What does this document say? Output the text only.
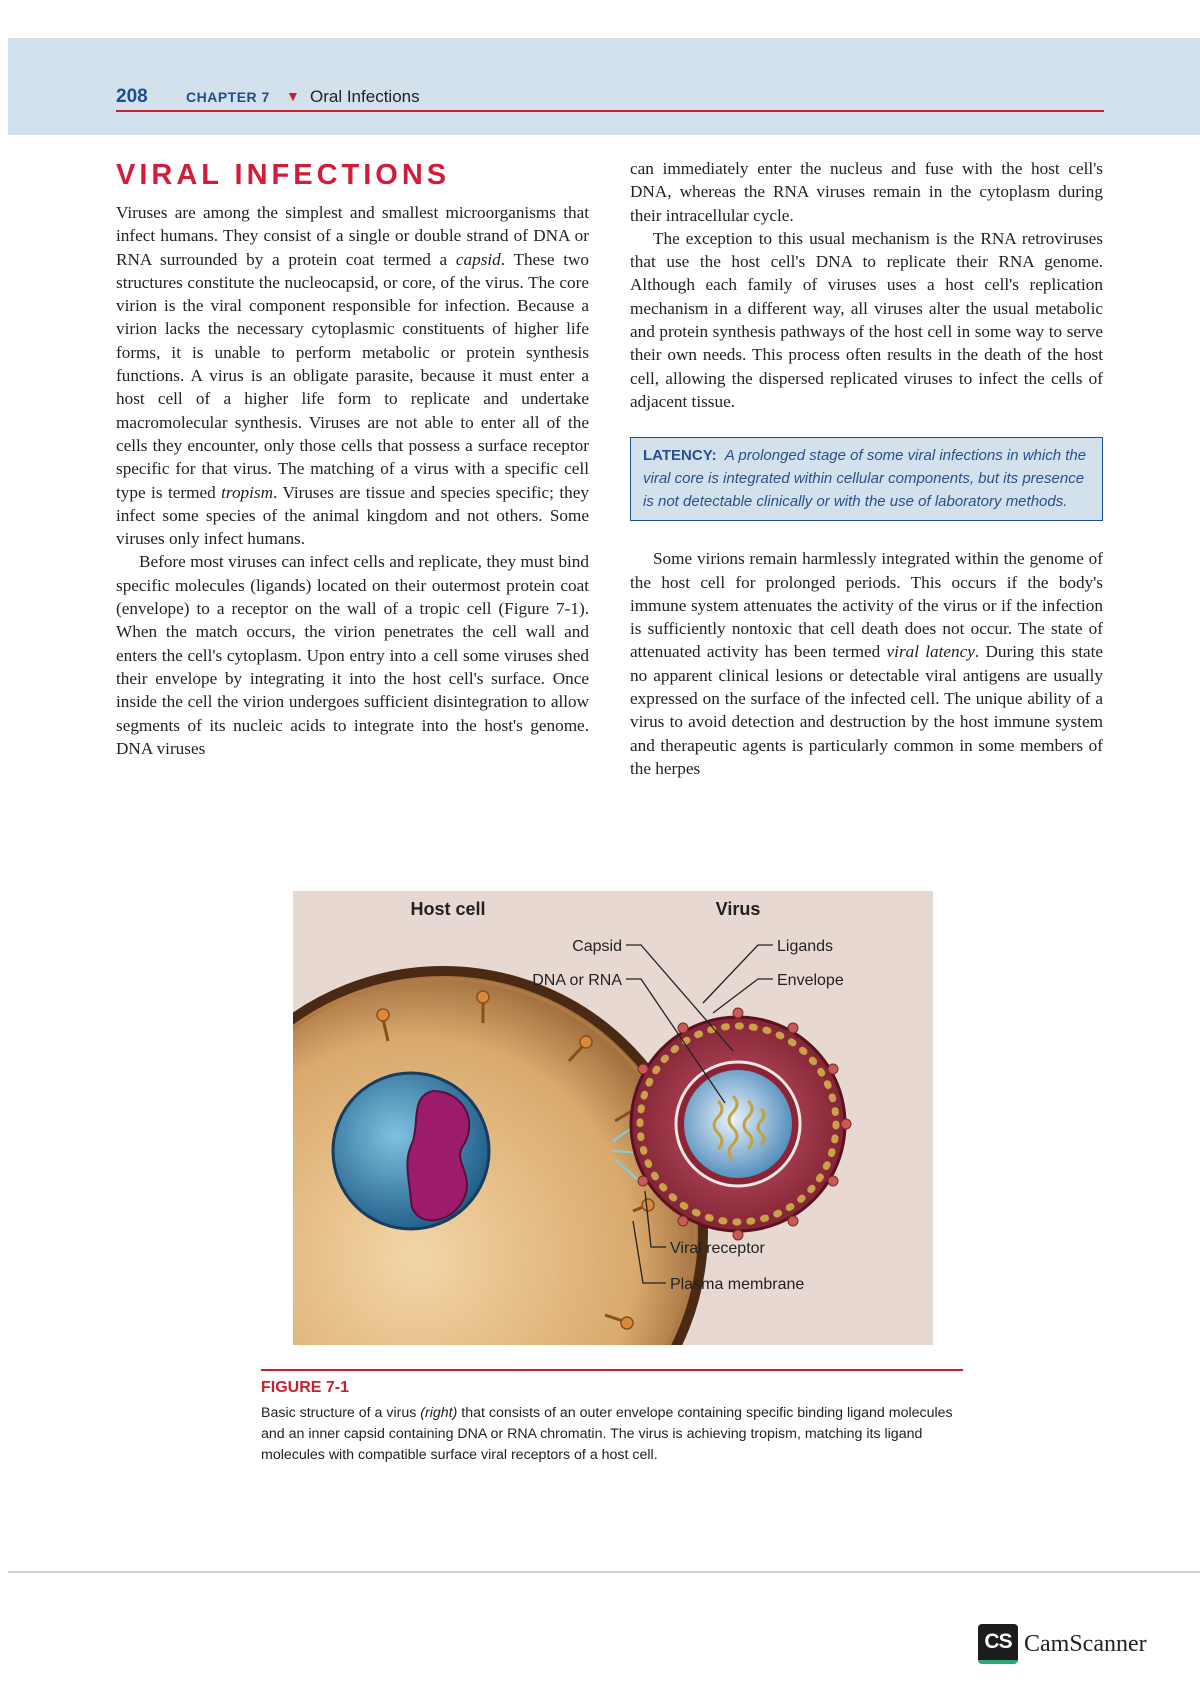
208	CHAPTER 7 ▼ Oral Infections
VIRAL INFECTIONS

Viruses are among the simplest and smallest microorganisms that infect humans. They consist of a single or double strand of DNA or RNA surrounded by a protein coat termed a capsid. These two structures constitute the nucleocapsid, or core, of the virus. The core virion is the viral component responsible for infection. Because a virion lacks the necessary cytoplasmic constituents of higher life forms, it is unable to perform metabolic or protein synthesis functions. A virus is an obligate parasite, because it must enter a host cell of a higher life form to replicate and undertake macromolecular synthesis. Viruses are not able to enter all of the cells they encounter, only those cells that possess a surface receptor specific for that virus. The matching of a virus with a specific cell type is termed tropism. Viruses are tissue and species specific; they infect some species of the animal kingdom and not others. Some viruses only infect humans.

Before most viruses can infect cells and replicate, they must bind specific molecules (ligands) located on their outermost protein coat (envelope) to a receptor on the wall of a tropic cell (Figure 7-1). When the match occurs, the virion penetrates the cell wall and enters the cell's cytoplasm. Upon entry into a cell some viruses shed their envelope by integrating it into the host cell's surface. Once inside the cell the virion undergoes sufficient disintegration to allow segments of its nucleic acids to integrate into the host's genome. DNA viruses

can immediately enter the nucleus and fuse with the host cell's DNA, whereas the RNA viruses remain in the cytoplasm during their intracellular cycle.

The exception to this usual mechanism is the RNA retroviruses that use the host cell's DNA to replicate their RNA genome. Although each family of viruses uses a host cell's replication mechanism in a different way, all viruses alter the usual metabolic and protein synthesis pathways of the host cell in some way to serve their own needs. This process often results in the death of the host cell, allowing the dispersed replicated viruses to infect the cells of adjacent tissue.

LATENCY: A prolonged stage of some viral infections in which the viral core is integrated within cellular components, but its presence is not detectable clinically or with the use of laboratory methods.

Some virions remain harmlessly integrated within the genome of the host cell for prolonged periods. This occurs if the body's immune system attenuates the activity of the virus or if the infection is sufficiently nontoxic that cell death does not occur. The state of attenuated activity has been termed viral latency. During this state no apparent clinical lesions or detectable viral antigens are usually expressed on the surface of the infected cell. The unique ability of a virus to avoid detection and destruction by the host immune system and therapeutic agents is particularly common in some members of the herpes

Host cell	Virus
Capsid
DNA or RNA
Ligands
Envelope
Viral receptor
Plasma membrane
FIGURE 7-1
Basic structure of a virus (right) that consists of an outer envelope containing specific binding ligand molecules and an inner capsid containing DNA or RNA chromatin. The virus is achieving tropism, matching its ligand molecules with compatible surface viral receptors of a host cell.
CS CamScanner
